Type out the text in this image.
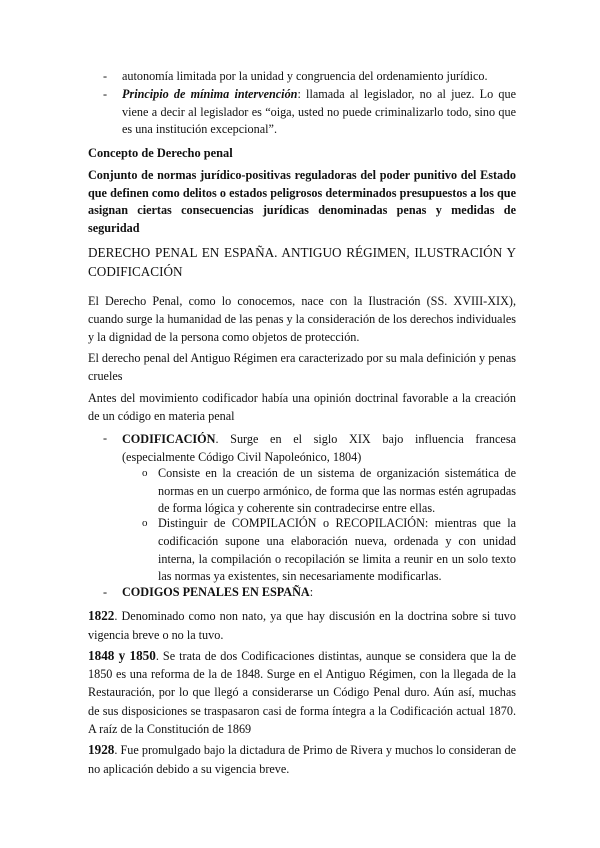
-	autonomía limitada por la unidad y congruencia del ordenamiento jurídico.
-	Principio de mínima intervención: llamada al legislador, no al juez. Lo que viene a decir al legislador es “oiga, usted no puede criminalizarlo todo, sino que es una institución excepcional”.
Concepto de Derecho penal
Conjunto de normas jurídico-positivas reguladoras del poder punitivo del Estado que definen como delitos o estados peligrosos determinados presupuestos a los que asignan ciertas consecuencias jurídicas denominadas penas y medidas de seguridad
DERECHO PENAL EN ESPAÑA. ANTIGUO RÉGIMEN, ILUSTRACIÓN Y CODIFICACIÓN
El Derecho Penal, como lo conocemos, nace con la Ilustración (SS. XVIII-XIX), cuando surge la humanidad de las penas y la consideración de los derechos individuales y la dignidad de la persona como objetos de protección.
El derecho penal del Antiguo Régimen era caracterizado por su mala definición y penas crueles
Antes del movimiento codificador había una opinión doctrinal favorable a la creación de un código en materia penal
-	CODIFICACIÓN. Surge en el siglo XIX bajo influencia francesa (especialmente Código Civil Napoleónico, 1804)
o Consiste en la creación de un sistema de organización sistemática de normas en un cuerpo armónico, de forma que las normas estén agrupadas de forma lógica y coherente sin contradecirse entre ellas.
o Distinguir de COMPILACIÓN o RECOPILACIÓN: mientras que la codificación supone una elaboración nueva, ordenada y con unidad interna, la compilación o recopilación se limita a reunir en un solo texto las normas ya existentes, sin necesariamente modificarlas.
-	CODIGOS PENALES EN ESPAÑA:
1822. Denominado como non nato, ya que hay discusión en la doctrina sobre si tuvo vigencia breve o no la tuvo.
1848 y 1850. Se trata de dos Codificaciones distintas, aunque se considera que la de 1850 es una reforma de la de 1848. Surge en el Antiguo Régimen, con la llegada de la Restauración, por lo que llegó a considerarse un Código Penal duro. Aún así, muchas de sus disposiciones se traspasaron casi de forma íntegra a la Codificación actual 1870. A raíz de la Constitución de 1869
1928. Fue promulgado bajo la dictadura de Primo de Rivera y muchos lo consideran de no aplicación debido a su vigencia breve.
